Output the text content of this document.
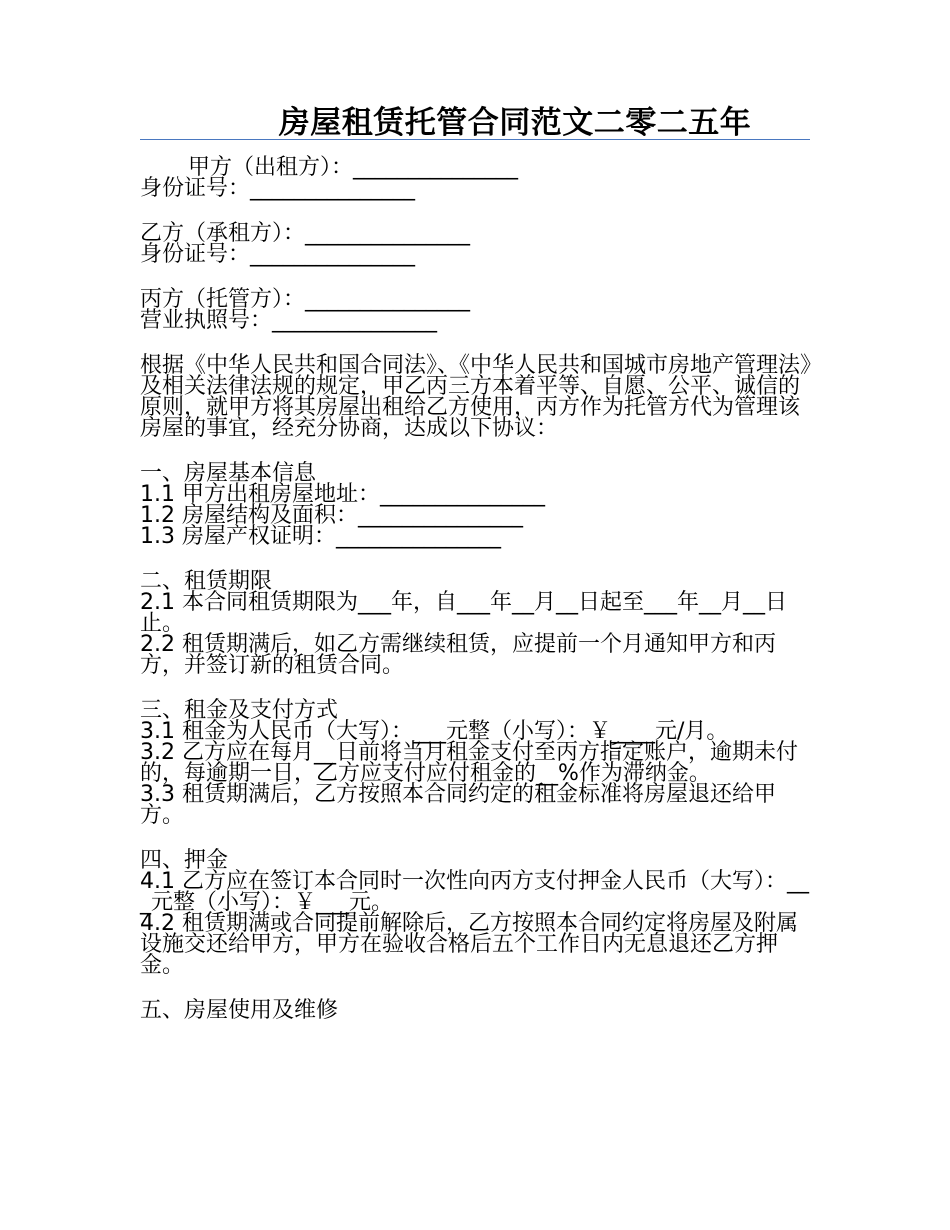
房屋租赁托管合同范文二零二五年
甲方（出租方）：_______________
身份证号：_______________
乙方（承租方）：_______________
身份证号：_______________
丙方（托管方）：_______________
营业执照号：_______________
根据《中华人民共和国合同法》、《中华人民共和国城市房地产管理法》及相关法律法规的规定，甲乙丙三方本着平等、自愿、公平、诚信的原则，就甲方将其房屋出租给乙方使用，丙方作为托管方代为管理该房屋的事宜，经充分协商，达成以下协议：
一、房屋基本信息
1.1 甲方出租房屋地址：_______________
1.2 房屋结构及面积：_______________
1.3 房屋产权证明：_______________
二、租赁期限
2.1 本合同租赁期限为___年，自___年__月__日起至___年__月__日止。
2.2 租赁期满后，如乙方需继续租赁，应提前一个月通知甲方和丙方，并签订新的租赁合同。
三、租金及支付方式
3.1 租金为人民币（大写）：___元整（小写）：￥____元/月。
3.2 乙方应在每月__日前将当月租金支付至丙方指定账户，逾期未付的，每逾期一日，乙方应支付应付租金的__%作为滞纳金。
3.3 租赁期满后，乙方按照本合同约定的租金标准将房屋退还给甲方。
四、押金
4.1 乙方应在签订本合同时一次性向丙方支付押金人民币（大写）：___元整（小写）：￥___元。
4.2 租赁期满或合同提前解除后，乙方按照本合同约定将房屋及附属设施交还给甲方，甲方在验收合格后五个工作日内无息退还乙方押金。
五、房屋使用及维修
